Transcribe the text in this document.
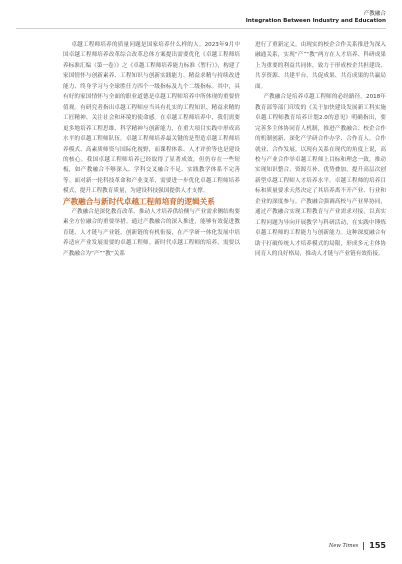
产教融合
Integration Between Industry and Education

卓越工程师培养的质量问题是国家培养什么样的人。2023年9月中国卓越工程师培养改革综合改革总体方案提出需要优化《卓越工程师培养标准汇编（第一卷）》之《卓越工程师培养能力标准（暂行）》，构建了家国情怀与创新素养、工程知识与创新实践能力、精益求精与持续改进能力、终身学习与全球胜任力四个一级指标及九个二级指标。其中，具有好的家国情怀与全面的职业道德是卓越工程师培养中所体现的重要价值观。有研究者指出卓越工程师应当具有扎实的工程知识、精益求精的工匠精神、关注社会和环境的使命感。在卓越工程师培养中，我们需要更多地培养工程思维、科学精神与创新能力，在重大项目实践中形成高水平的卓越工程师队伍。卓越工程师培养最关键的是塑造卓越工程师培养模式、高素质师资与国际化视野，而课程体系、人才评价等也是建设的核心。我国卓越工程师培养已经取得了显著成效，但仍存在一些短板，如产教融合不够深入、学科交叉融合不足、实践教学体系不完善等。面对新一轮科技革命和产业变革，需要进一步优化卓越工程师培养模式，提升工程教育质量，为建设科技强国提供人才支撑。

产教融合与新时代卓越工程师培育的逻辑关系

产教融合是深化教育改革、推动人才培养供给侧与产业需求侧结构要素全方位融合的重要举措。通过产教融合的深入推进，能够有效促进教育链、人才链与产业链、创新链的有机衔接，在产学研一体化发展中培养适应产业发展需要的卓越工程师。新时代卓越工程师的培养，需要以产教融合为“产”“教”关系

进行了重新定义。由现实的校企合作关系推进为深入融通关系，实现“产”“教”两方在人才培养、科研成果上为重要的利益共同体，致力于形成校企共担建设、共享资源、共建平台、共促成果、共育成果的共赢局面。

产教融合是培养卓越工程师的必经路径。2018年教育部等部门印发的《关于加快建设发展新工科实施卓越工程师教育培养计划2.0的意见》明确指出，要完善多主体协同育人机制，推进产教融合、校企合作的机制创新，深化产学研合作办学、合作育人、合作就业、合作发展。以现有关系在现代的角度上说，高校与产业合作举卓越工程师上目标和理念一致，推动实现知识整合、资源互补、优势叠加，提升高层次创新型卓越工程师人才培养水平。卓越工程师的培养目标和质量要求天然决定了其培养离不开产业、行业和企业的深度参与。产教融合强调高校与产业界协同，通过产教融合实现工程教育与产业需求对接，以真实工程问题为导向开展教学与科研活动，在实践中锤炼卓越工程师的工程能力与创新能力。这种深度融合有助于打破传统人才培养模式的局限，形成多元主体协同育人的良好格局，推动人才链与产业链有效衔接。

New Times 155
